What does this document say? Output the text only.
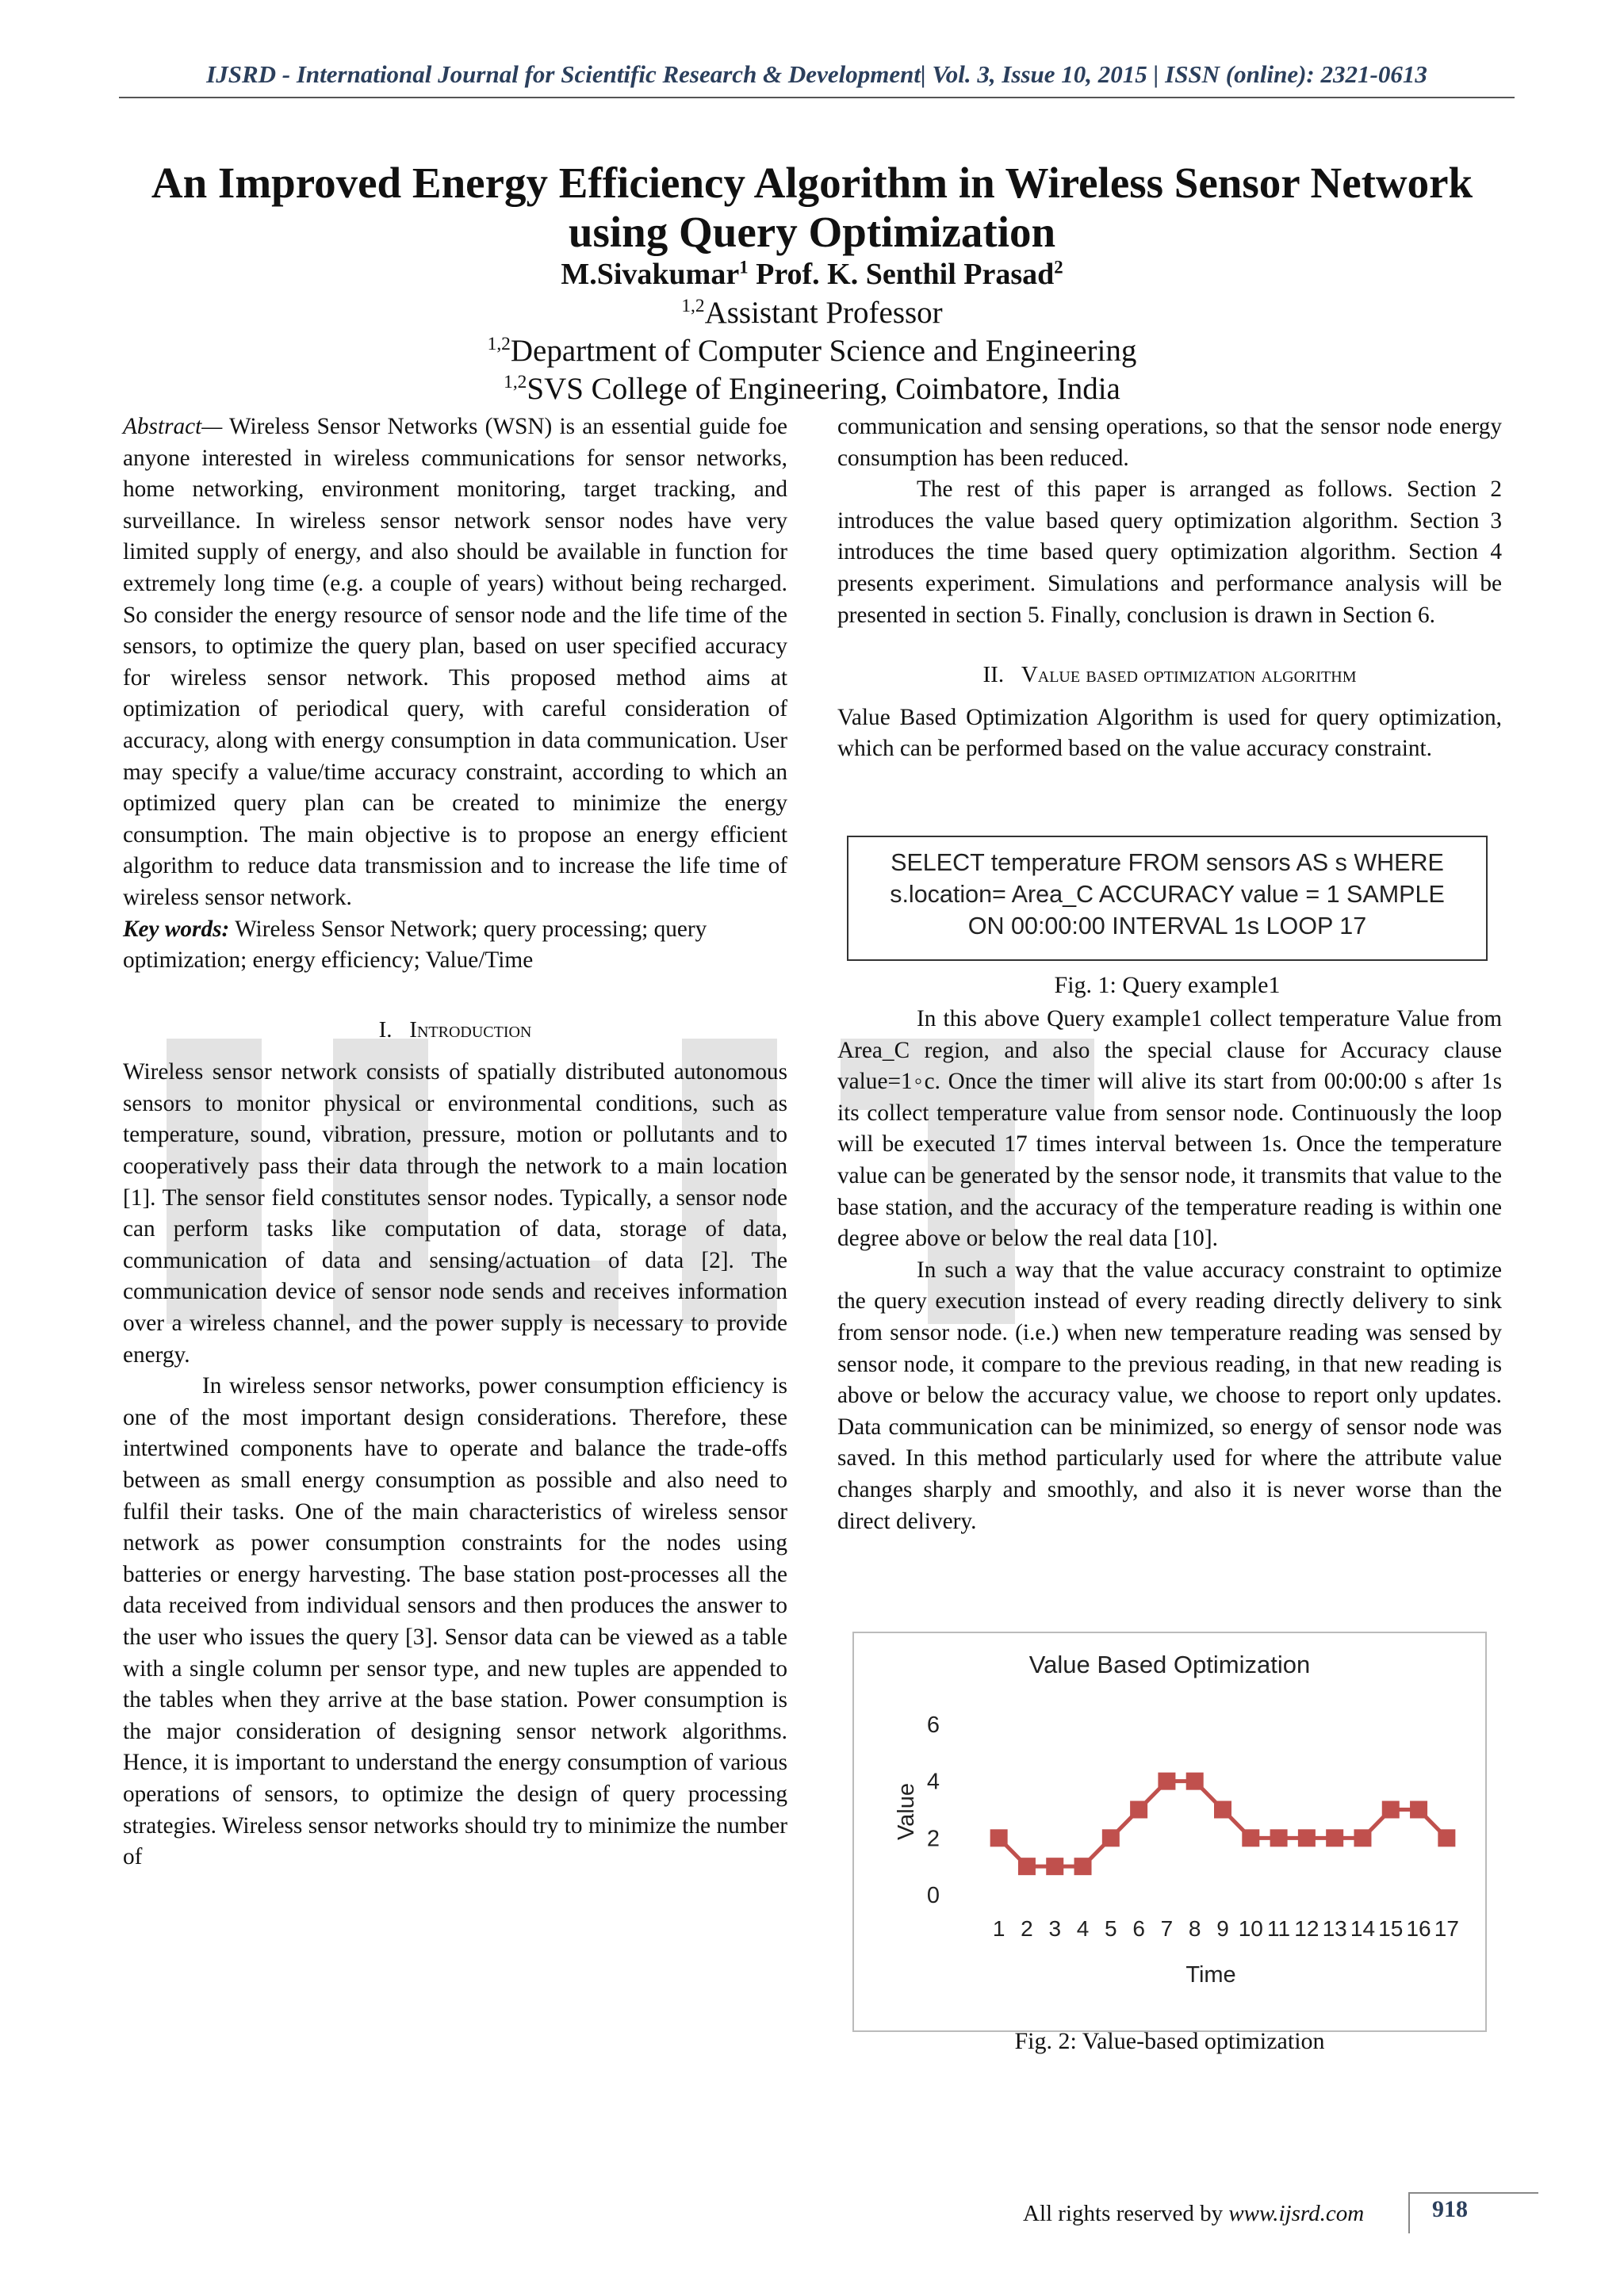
IJSRD - International Journal for Scientific Research & Development| Vol. 3, Issue 10, 2015 | ISSN (online): 2321-0613
An Improved Energy Efficiency Algorithm in Wireless Sensor Network
using Query Optimization
M.Sivakumar$^1$ Prof. K. Senthil Prasad$^2$
$^{1,2}$Assistant Professor
$^{1,2}$Department of Computer Science and Engineering
$^{1,2}$SVS College of Engineering, Coimbatore, India

Abstract— Wireless Sensor Networks (WSN) is an essential guide foe anyone interested in wireless communications for sensor networks, home networking, environment monitoring, target tracking, and surveillance. In wireless sensor network sensor nodes have very limited supply of energy, and also should be available in function for extremely long time (e.g. a couple of years) without being recharged. So consider the energy resource of sensor node and the life time of the sensors, to optimize the query plan, based on user specified accuracy for wireless sensor network. This proposed method aims at optimization of periodical query, with careful consideration of accuracy, along with energy consumption in data communication. User may specify a value/time accuracy constraint, according to which an optimized query plan can be created to minimize the energy consumption. The main objective is to propose an energy efficient algorithm to reduce data transmission and to increase the life time of wireless sensor network.

Key words: Wireless Sensor Network; query processing; query optimization; energy efficiency; Value/Time

I. Introduction

Wireless sensor network consists of spatially distributed autonomous sensors to monitor physical or environmental conditions, such as temperature, sound, vibration, pressure, motion or pollutants and to cooperatively pass their data through the network to a main location [1]. The sensor field constitutes sensor nodes. Typically, a sensor node can perform tasks like computation of data, storage of data, communication of data and sensing/actuation of data [2]. The communication device of sensor node sends and receives information over a wireless channel, and the power supply is necessary to provide energy.

In wireless sensor networks, power consumption efficiency is one of the most important design considerations. Therefore, these intertwined components have to operate and balance the trade-offs between as small energy consumption as possible and also need to fulfil their tasks. One of the main characteristics of wireless sensor network as power consumption constraints for the nodes using batteries or energy harvesting. The base station post-processes all the data received from individual sensors and then produces the answer to the user who issues the query [3]. Sensor data can be viewed as a table with a single column per sensor type, and new tuples are appended to the tables when they arrive at the base station. Power consumption is the major consideration of designing sensor network algorithms. Hence, it is important to understand the energy consumption of various operations of sensors, to optimize the design of query processing strategies. Wireless sensor networks should try to minimize the number of

communication and sensing operations, so that the sensor node energy consumption has been reduced.

The rest of this paper is arranged as follows. Section 2 introduces the value based query optimization algorithm. Section 3 introduces the time based query optimization algorithm. Section 4 presents experiment. Simulations and performance analysis will be presented in section 5. Finally, conclusion is drawn in Section 6.

II. Value based optimization algorithm

Value Based Optimization Algorithm is used for query optimization, which can be performed based on the value accuracy constraint.

SELECT temperature FROM sensors AS s WHERE
s.location= Area_C ACCURACY value = 1 SAMPLE
ON 00:00:00 INTERVAL 1s LOOP 17
Fig. 1: Query example1

In this above Query example1 collect temperature Value from Area_C region, and also the special clause for Accuracy clause value=1◦c. Once the timer will alive its start from 00:00:00 s after 1s its collect temperature value from sensor node. Continuously the loop will be executed 17 times interval between 1s. Once the temperature value can be generated by the sensor node, it transmits that value to the base station, and the accuracy of the temperature reading is within one degree above or below the real data [10].

In such a way that the value accuracy constraint to optimize the query execution instead of every reading directly delivery to sink from sensor node. (i.e.) when new temperature reading was sensed by sensor node, it compare to the previous reading, in that new reading is above or below the accuracy value, we choose to report only updates. Data communication can be minimized, so energy of sensor node was saved. In this method particularly used for where the attribute value changes sharply and smoothly, and also it is never worse than the direct delivery.

Value Based Optimization
Value
Time
0
2
4
6
1 2 3 4 5 6 7 8 9 10 11 12 13 14 15 16 17
Fig. 2: Value-based optimization
All rights reserved by www.ijsrd.com	918
